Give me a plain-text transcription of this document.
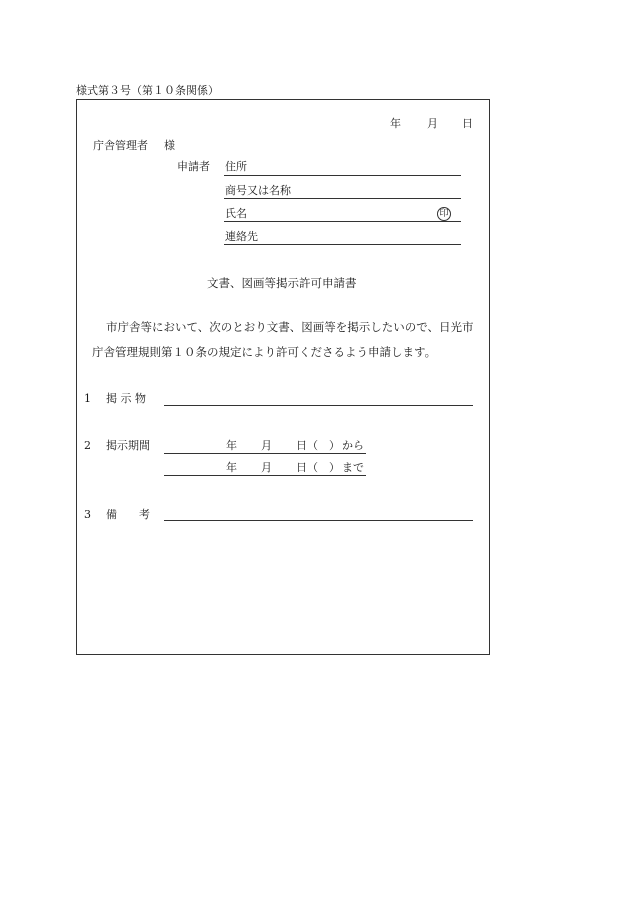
様式第３号（第１０条関係）
年 月 日
庁舎管理者 様
申請者 住所
商号又は名称
氏名	印
連絡先
文書、図画等掲示許可申請書
市庁舎等において、次のとおり文書、図画等を掲示したいので、日光市
庁舎管理規則第１０条の規定により許可くださるよう申請します。
1 掲 示 物
2 掲示期間	年 月 日（ ） から
年 月 日（ ） まで
3 備　　考
